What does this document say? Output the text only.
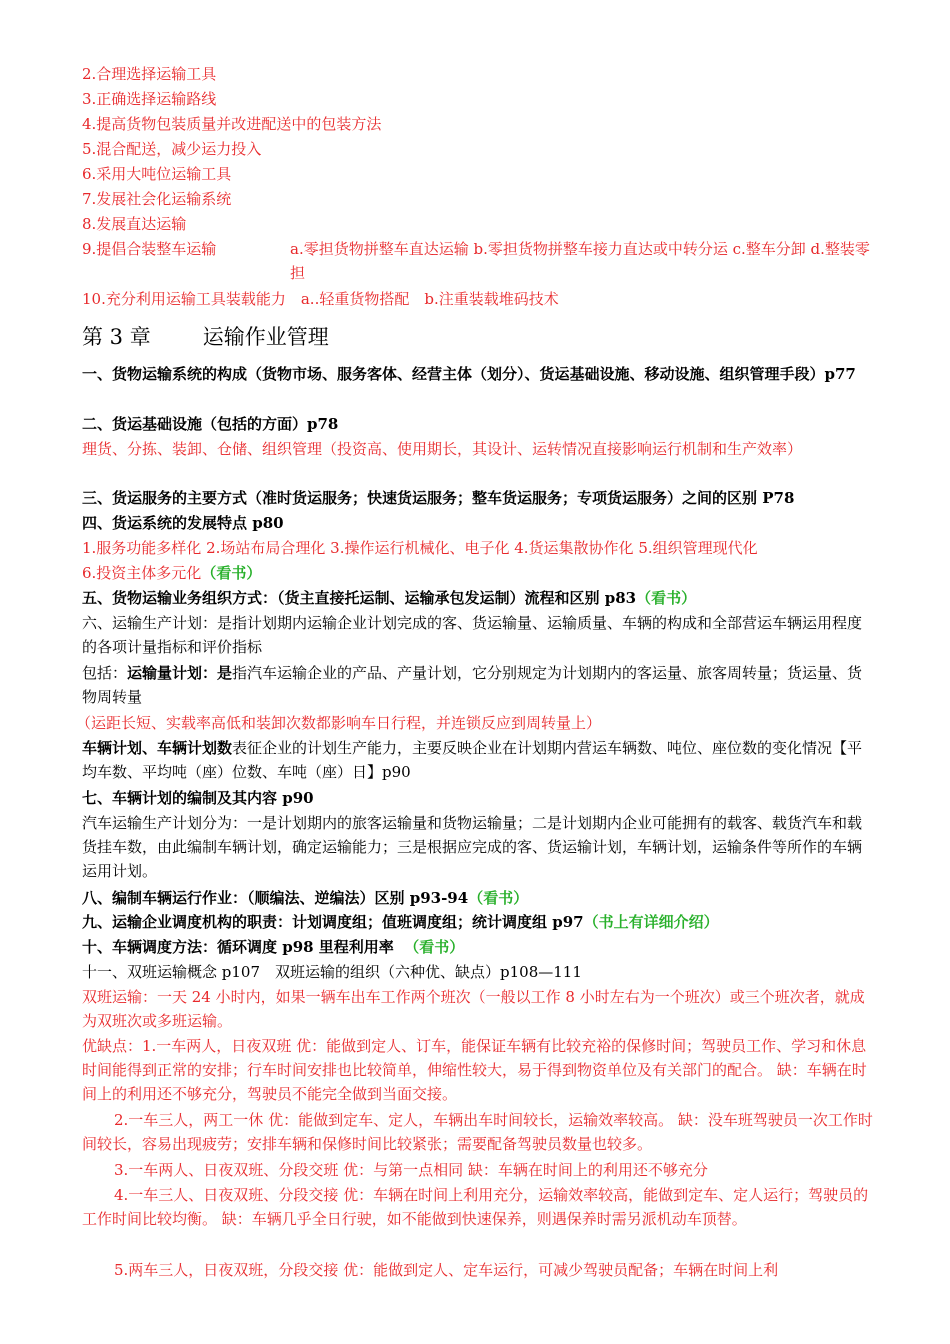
2.合理选择运输工具

3.正确选择运输路线

4.提高货物包装质量并改进配送中的包装方法

5.混合配送，减少运力投入

6.采用大吨位运输工具

7.发展社会化运输系统

8.发展直达运输

9.提倡合装整车运输	a.零担货物拼整车直达运输 b.零担货物拼整车接力直达或中转分运 c.整车分卸 d.整装零担

10.充分利用运输工具装载能力　a..轻重货物搭配　b.注重装载堆码技术

第 3 章 运输作业管理

一、货物运输系统的构成（货物市场、服务客体、经营主体（划分）、货运基础设施、移动设施、组织管理手段）p77

二、货运基础设施（包括的方面）p78

理货、分拣、装卸、仓储、组织管理（投资高、使用期长，其设计、运转情况直接影响运行机制和生产效率）

三、货运服务的主要方式（准时货运服务；快速货运服务；整车货运服务；专项货运服务）之间的区别 P78

四、货运系统的发展特点 p80

1.服务功能多样化 2.场站布局合理化 3.操作运行机械化、电子化 4.货运集散协作化 5.组织管理现代化

6.投资主体多元化（看书）

五、货物运输业务组织方式：（货主直接托运制、运输承包发运制）流程和区别 p83（看书）

六、运输生产计划：是指计划期内运输企业计划完成的客、货运输量、运输质量、车辆的构成和全部营运车辆运用程度的各项计量指标和评价指标

包括：运输量计划：是指汽车运输企业的产品、产量计划，它分别规定为计划期内的客运量、旅客周转量；货运量、货物周转量

（运距长短、实载率高低和装卸次数都影响车日行程，并连锁反应到周转量上）

车辆计划、车辆计划数表征企业的计划生产能力，主要反映企业在计划期内营运车辆数、吨位、座位数的变化情况【平均车数、平均吨（座）位数、车吨（座）日】p90

七、车辆计划的编制及其内容 p90

汽车运输生产计划分为：一是计划期内的旅客运输量和货物运输量；二是计划期内企业可能拥有的载客、载货汽车和载货挂车数，由此编制车辆计划，确定运输能力；三是根据应完成的客、货运输计划，车辆计划，运输条件等所作的车辆运用计划。

八、编制车辆运行作业：（顺编法、逆编法）区别 p93-94（看书）

九、运输企业调度机构的职责：计划调度组；值班调度组；统计调度组 p97（书上有详细介绍）

十、车辆调度方法：循环调度 p98 里程利用率 （看书）

十一、双班运输概念 p107　双班运输的组织（六种优、缺点）p108—111

双班运输：一天 24 小时内，如果一辆车出车工作两个班次（一般以工作 8 小时左右为一个班次）或三个班次者，就成为双班次或多班运输。

优缺点：1.一车两人，日夜双班 优：能做到定人、订车，能保证车辆有比较充裕的保修时间；驾驶员工作、学习和休息时间能得到正常的安排；行车时间安排也比较简单，伸缩性较大，易于得到物资单位及有关部门的配合。 缺：车辆在时间上的利用还不够充分，驾驶员不能完全做到当面交接。

2.一车三人，两工一休 优：能做到定车、定人，车辆出车时间较长，运输效率较高。 缺：没车班驾驶员一次工作时间较长，容易出现疲劳；安排车辆和保修时间比较紧张；需要配备驾驶员数量也较多。

3.一车两人、日夜双班、分段交班 优：与第一点相同 缺：车辆在时间上的利用还不够充分

4.一车三人、日夜双班、分段交接 优：车辆在时间上利用充分，运输效率较高，能做到定车、定人运行；驾驶员的工作时间比较均衡。 缺：车辆几乎全日行驶，如不能做到快速保养，则遇保养时需另派机动车顶替。

5.两车三人，日夜双班，分段交接 优：能做到定人、定车运行，可减少驾驶员配备；车辆在时间上利
